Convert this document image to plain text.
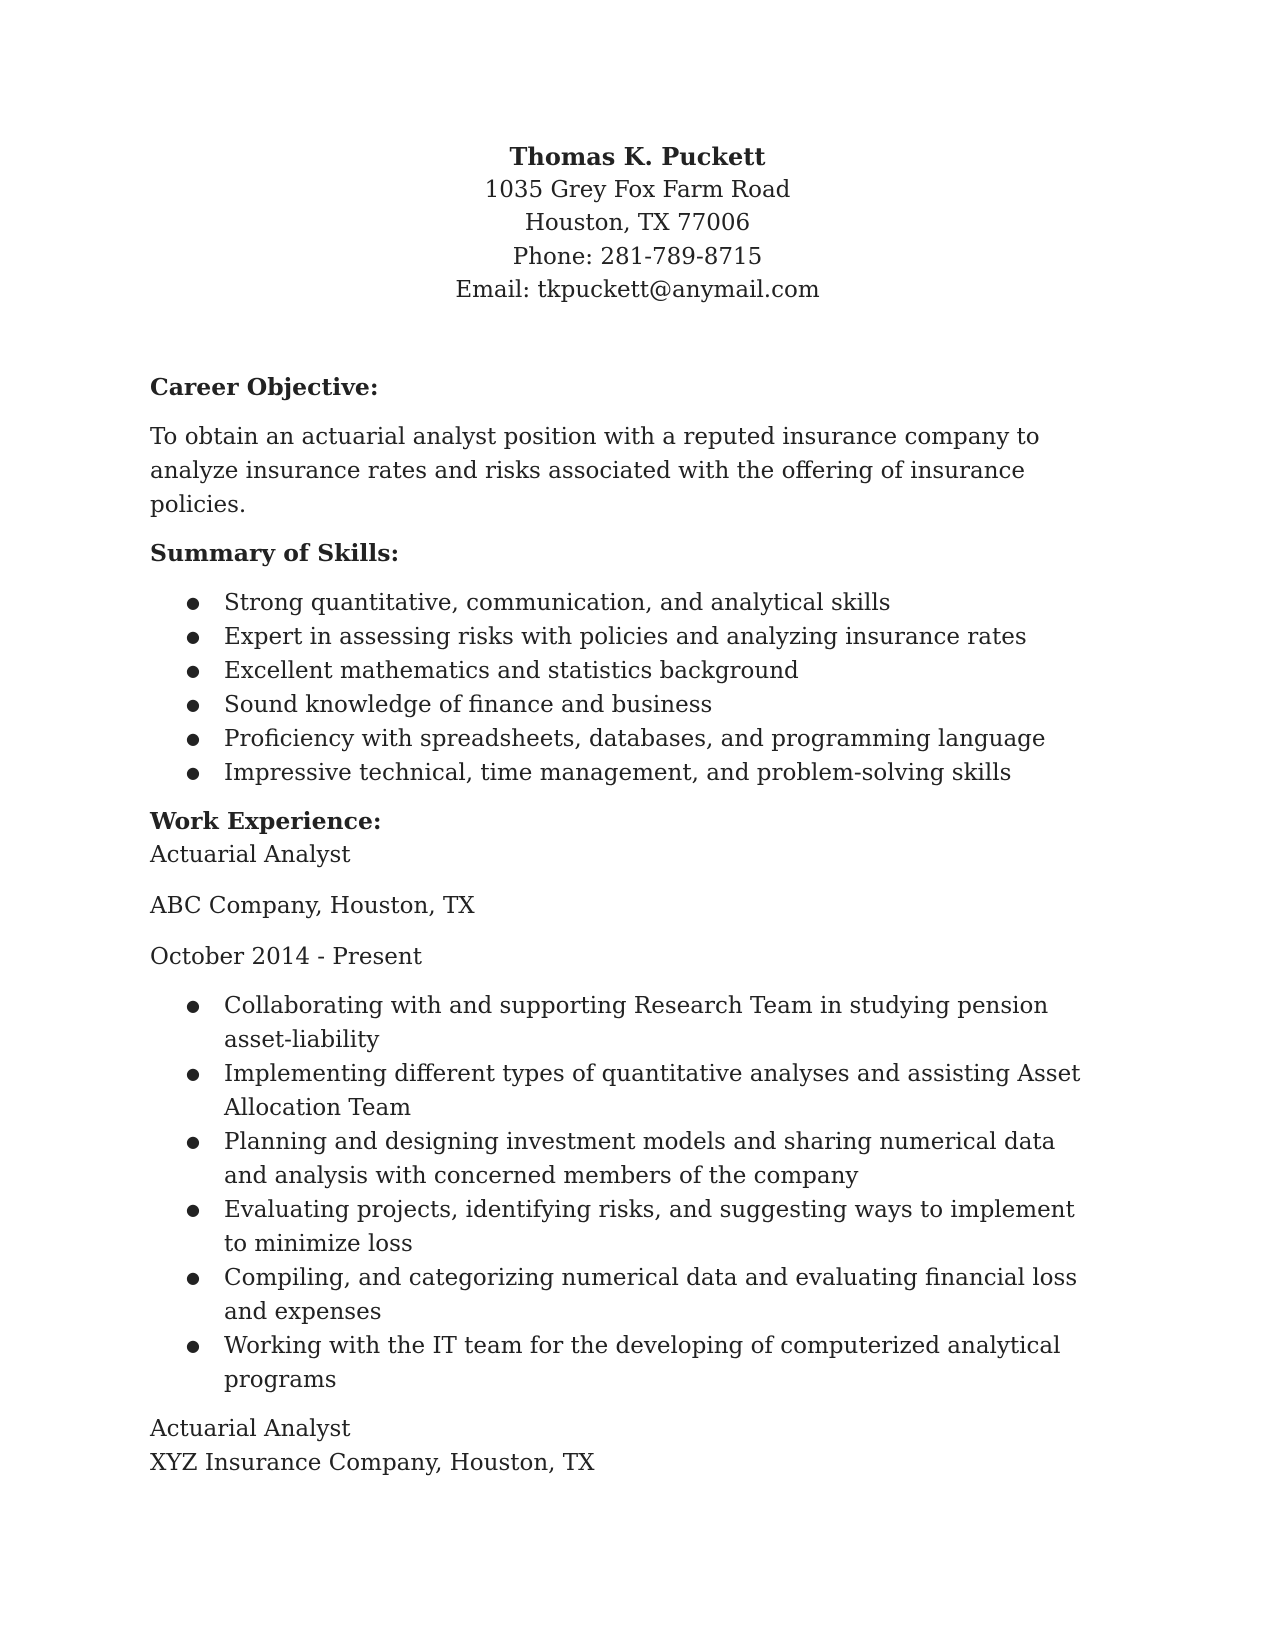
Thomas K. Puckett
1035 Grey Fox Farm Road
Houston, TX 77006
Phone: 281-789-8715
Email: tkpuckett@anymail.com
Career Objective:

To obtain an actuarial analyst position with a reputed insurance company to analyze insurance rates and risks associated with the offering of insurance policies.

Summary of Skills:
● Strong quantitative, communication, and analytical skills
● Expert in assessing risks with policies and analyzing insurance rates
● Excellent mathematics and statistics background
● Sound knowledge of finance and business
● Proficiency with spreadsheets, databases, and programming language
● Impressive technical, time management, and problem-solving skills
Work Experience:

Actuarial Analyst

ABC Company, Houston, TX

October 2014 - Present

● Collaborating with and supporting Research Team in studying pension asset-liability
● Implementing different types of quantitative analyses and assisting Asset Allocation Team
● Planning and designing investment models and sharing numerical data and analysis with concerned members of the company
● Evaluating projects, identifying risks, and suggesting ways to implement to minimize loss
● Compiling, and categorizing numerical data and evaluating financial loss and expenses
● Working with the IT team for the developing of computerized analytical programs

Actuarial Analyst

XYZ Insurance Company, Houston, TX
